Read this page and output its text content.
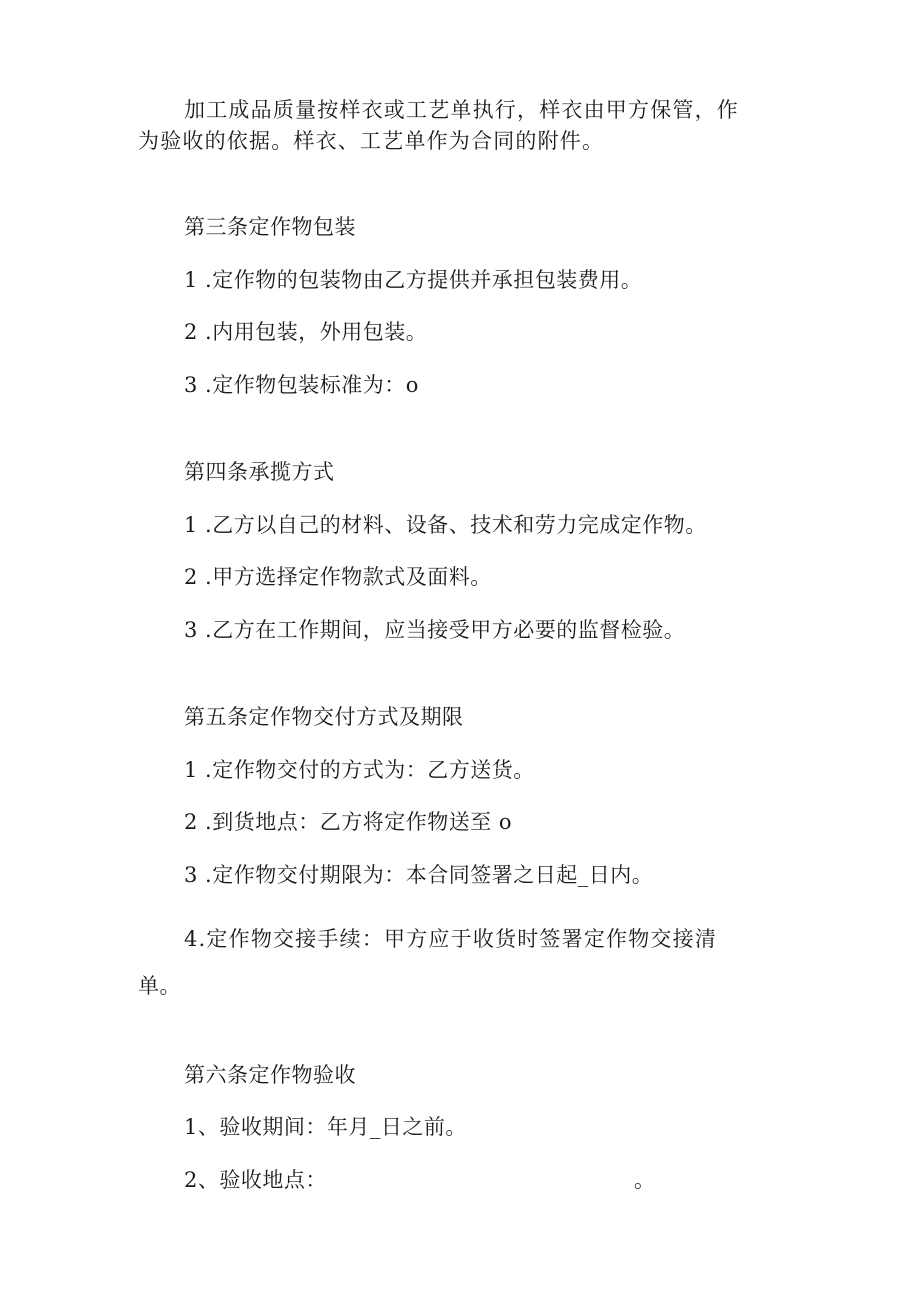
加工成品质量按样衣或工艺单执行，样衣由甲方保管，作
为验收的依据。样衣、工艺单作为合同的附件。
第三条定作物包装
1 .定作物的包装物由乙方提供并承担包装费用。
2 .内用包装，外用包装。
3 .定作物包装标准为：o
第四条承揽方式
1 .乙方以自己的材料、设备、技术和劳力完成定作物。
2 .甲方选择定作物款式及面料。
3 .乙方在工作期间，应当接受甲方必要的监督检验。
第五条定作物交付方式及期限
1 .定作物交付的方式为：乙方送货。
2 .到货地点：乙方将定作物送至 o
3 .定作物交付期限为：本合同签署之日起_日内。
4.定作物交接手续：甲方应于收货时签署定作物交接清
单。
第六条定作物验收
1、验收期间：年月_日之前。
2、验收地点：	。
